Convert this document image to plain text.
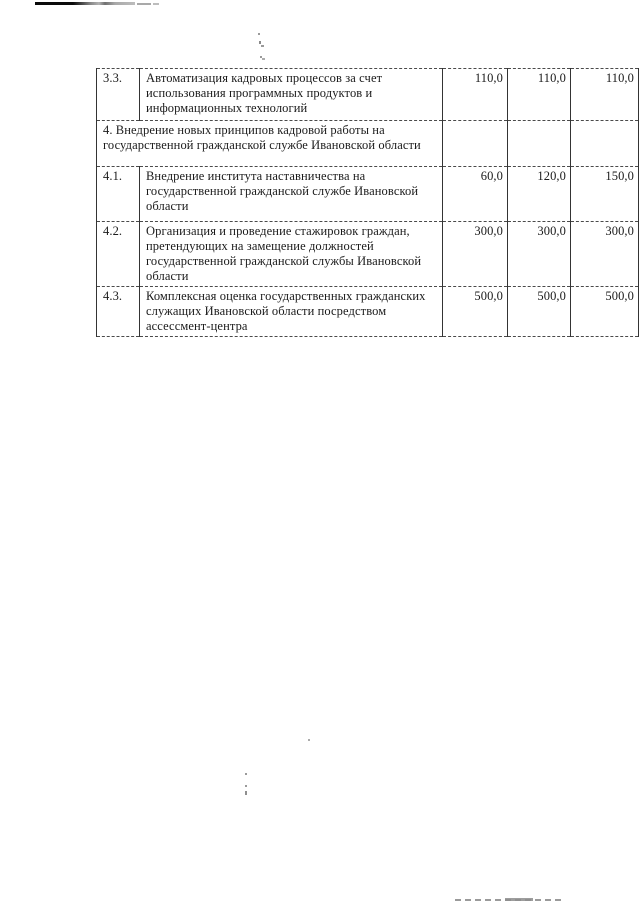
3.3.	Автоматизация кадровых процессов за счет использования программных продуктов и информационных технологий	110,0	110,0	110,0
4. Внедрение новых принципов кадровой работы на государственной гражданской службе Ивановской области				
4.1.	Внедрение института наставничества на государственной гражданской службе Ивановской области	60,0	120,0	150,0
4.2.	Организация и проведение стажировок граждан, претендующих на замещение должностей государственной гражданской службы Ивановской области	300,0	300,0	300,0
4.3.	Комплексная оценка государственных гражданских служащих Ивановской области посредством ассессмент-центра	500,0	500,0	500,0
